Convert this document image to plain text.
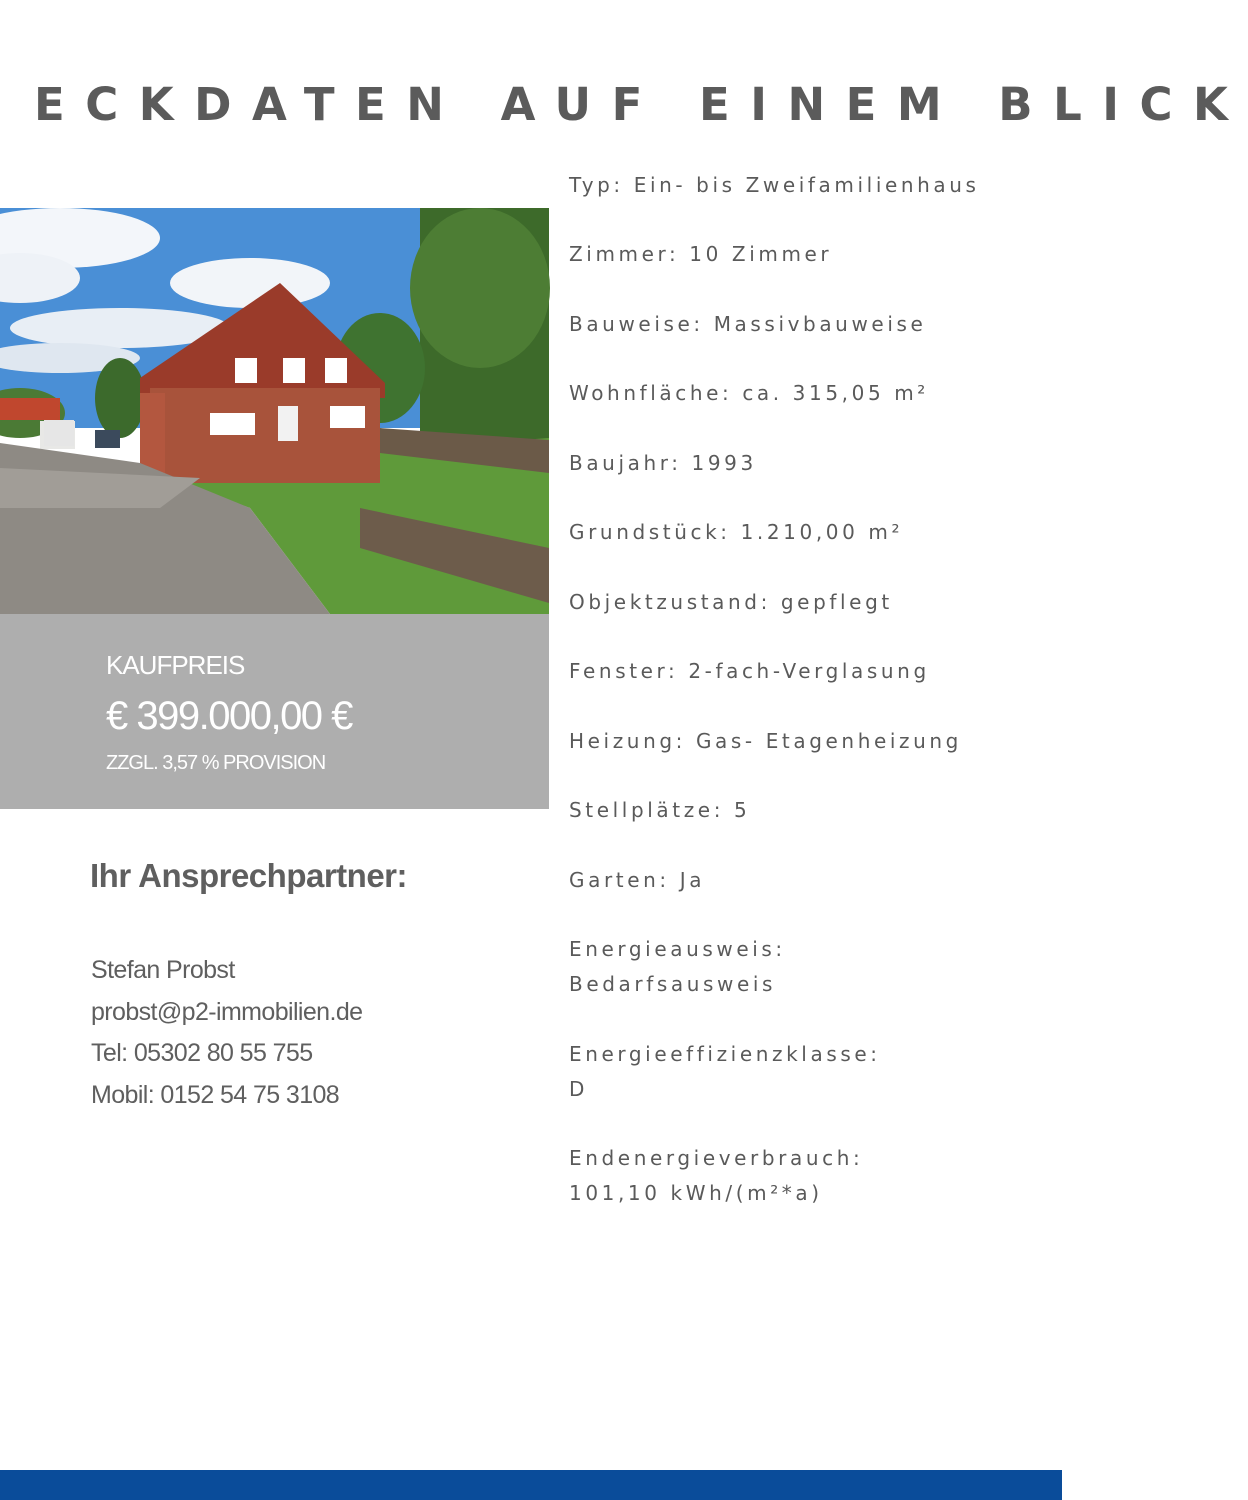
ECKDATEN AUF EINEM BLICK
KAUFPREIS
€ 399.000,00 €
ZZGL. 3,57 % PROVISION
Ihr Ansprechpartner:
Stefan Probst
probst@p2-immobilien.de
Tel: 05302 80 55 755
Mobil: 0152 54 75 3108
Typ: Ein- bis Zweifamilienhaus
Zimmer: 10 Zimmer
Bauweise: Massivbauweise
Wohnfläche: ca. 315,05 m²
Baujahr: 1993
Grundstück: 1.210,00 m²
Objektzustand: gepflegt
Fenster: 2-fach-Verglasung
Heizung: Gas- Etagenheizung
Stellplätze: 5
Garten: Ja
Energieausweis:
Bedarfsausweis
Energieeffizienzklasse:
D
Endenergieverbrauch:
101,10 kWh/(m²*a)
